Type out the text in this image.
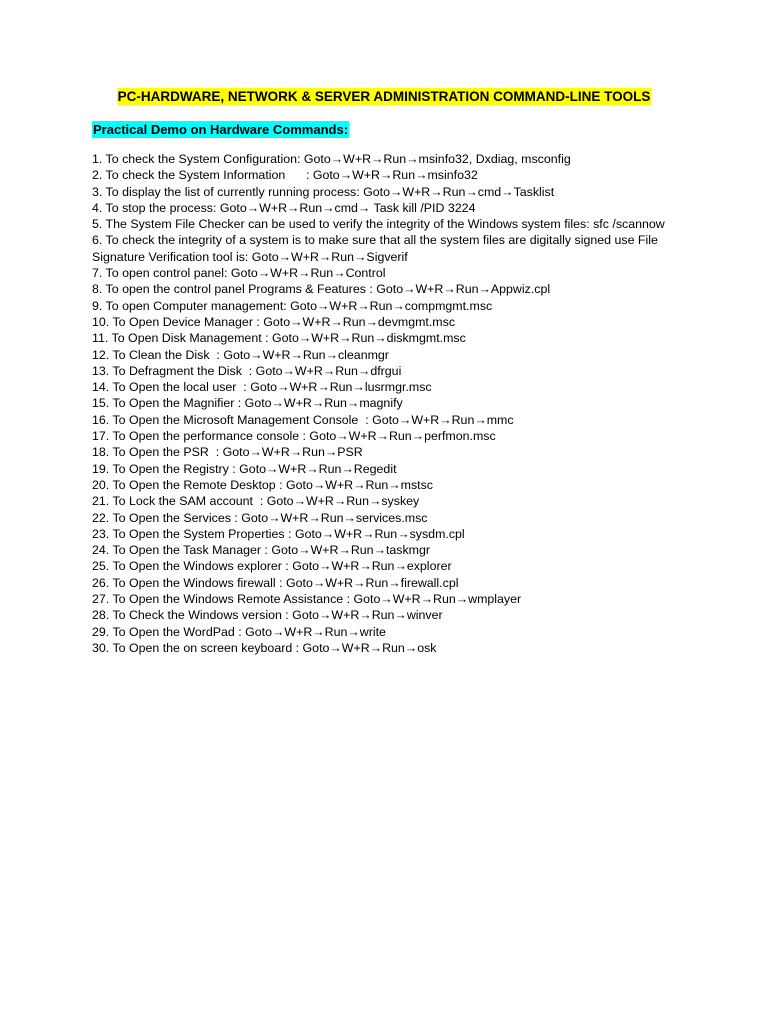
PC-HARDWARE, NETWORK & SERVER ADMINISTRATION COMMAND-LINE TOOLS
Practical Demo on Hardware Commands:
1. To check the System Configuration: Goto→W+R→Run→msinfo32, Dxdiag, msconfig
2. To check the System Information      : Goto→W+R→Run→msinfo32
3. To display the list of currently running process: Goto→W+R→Run→cmd→Tasklist
4. To stop the process: Goto→W+R→Run→cmd→ Task kill /PID 3224
5. The System File Checker can be used to verify the integrity of the Windows system files: sfc /scannow
6. To check the integrity of a system is to make sure that all the system files are digitally signed use File Signature Verification tool is: Goto→W+R→Run→Sigverif
7. To open control panel: Goto→W+R→Run→Control
8. To open the control panel Programs & Features : Goto→W+R→Run→Appwiz.cpl
9. To open Computer management: Goto→W+R→Run→compmgmt.msc
10. To Open Device Manager : Goto→W+R→Run→devmgmt.msc
11. To Open Disk Management : Goto→W+R→Run→diskmgmt.msc
12. To Clean the Disk  : Goto→W+R→Run→cleanmgr
13. To Defragment the Disk  : Goto→W+R→Run→dfrgui
14. To Open the local user  : Goto→W+R→Run→lusrmgr.msc
15. To Open the Magnifier : Goto→W+R→Run→magnify
16. To Open the Microsoft Management Console  : Goto→W+R→Run→mmc
17. To Open the performance console : Goto→W+R→Run→perfmon.msc
18. To Open the PSR  : Goto→W+R→Run→PSR
19. To Open the Registry : Goto→W+R→Run→Regedit
20. To Open the Remote Desktop : Goto→W+R→Run→mstsc
21. To Lock the SAM account  : Goto→W+R→Run→syskey
22. To Open the Services : Goto→W+R→Run→services.msc
23. To Open the System Properties : Goto→W+R→Run→sysdm.cpl
24. To Open the Task Manager : Goto→W+R→Run→taskmgr
25. To Open the Windows explorer : Goto→W+R→Run→explorer
26. To Open the Windows firewall : Goto→W+R→Run→firewall.cpl
27. To Open the Windows Remote Assistance : Goto→W+R→Run→wmplayer
28. To Check the Windows version : Goto→W+R→Run→winver
29. To Open the WordPad : Goto→W+R→Run→write
30. To Open the on screen keyboard : Goto→W+R→Run→osk
